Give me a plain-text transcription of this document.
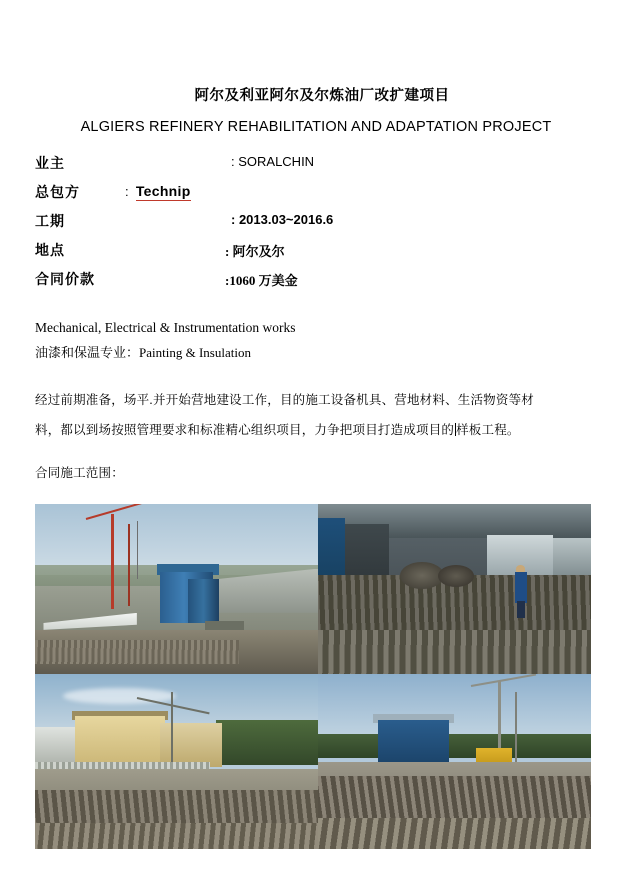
阿尔及利亚阿尔及尔炼油厂改扩建项目
ALGIERS REFINERY REHABILITATION AND ADAPTATION PROJECT
业主	: SORALCHIN
总包方	:  Technip
工期	: 2013.03~2016.6
地点	: 阿尔及尔
合同价款	:1060 万美金
Mechanical, Electrical & Instrumentation works
油漆和保温专业：Painting & Insulation
经过前期准备，场平.并开始营地建设工作，目的施工设备机具、营地材料、生活物资等材
料，都以到场按照管理要求和标准精心组织项目，力争把项目打造成项目的 样板工程。
合同施工范围：
